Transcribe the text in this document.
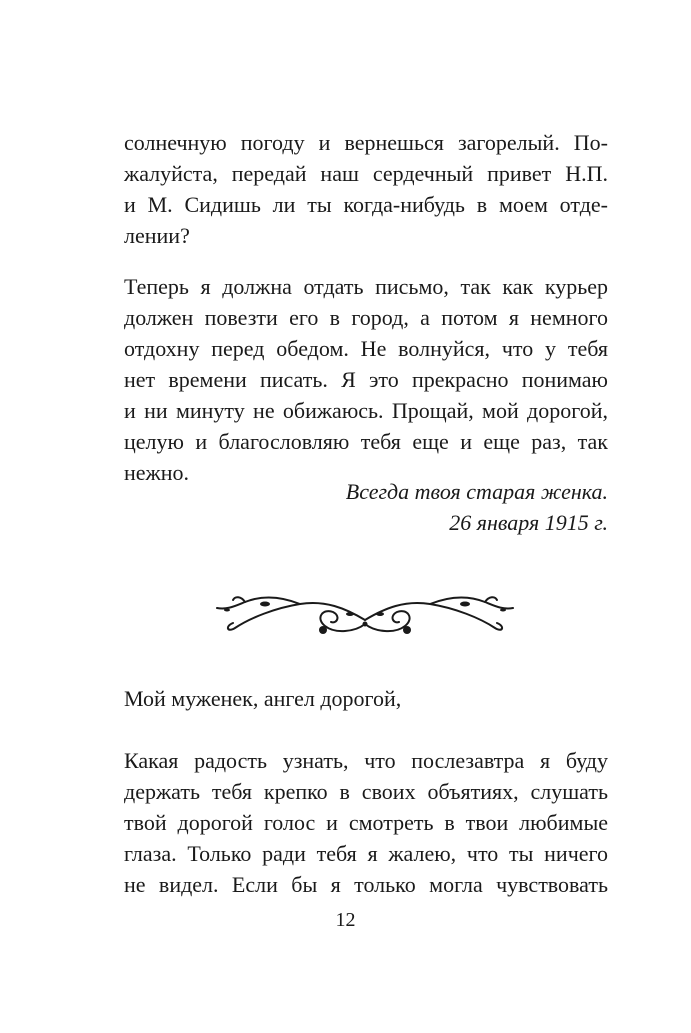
солнечную погоду и вернешься загорелый. По-
жалуйста, передай наш сердечный привет Н.П.
и М. Сидишь ли ты когда-нибудь в моем отде-
лении?
Теперь я должна отдать письмо, так как курьер
должен повезти его в город, а потом я немного
отдохну перед обедом. Не волнуйся, что у тебя
нет времени писать. Я это прекрасно понимаю
и ни минуту не обижаюсь. Прощай, мой дорогой,
целую и благословляю тебя еще и еще раз, так
нежно.
Всегда твоя старая женка.
26 января 1915 г.
Мой муженек, ангел дорогой,
Какая радость узнать, что послезавтра я буду
держать тебя крепко в своих объятиях, слушать
твой дорогой голос и смотреть в твои любимые
глаза. Только ради тебя я жалею, что ты ничего
не видел. Если бы я только могла чувствовать
12
